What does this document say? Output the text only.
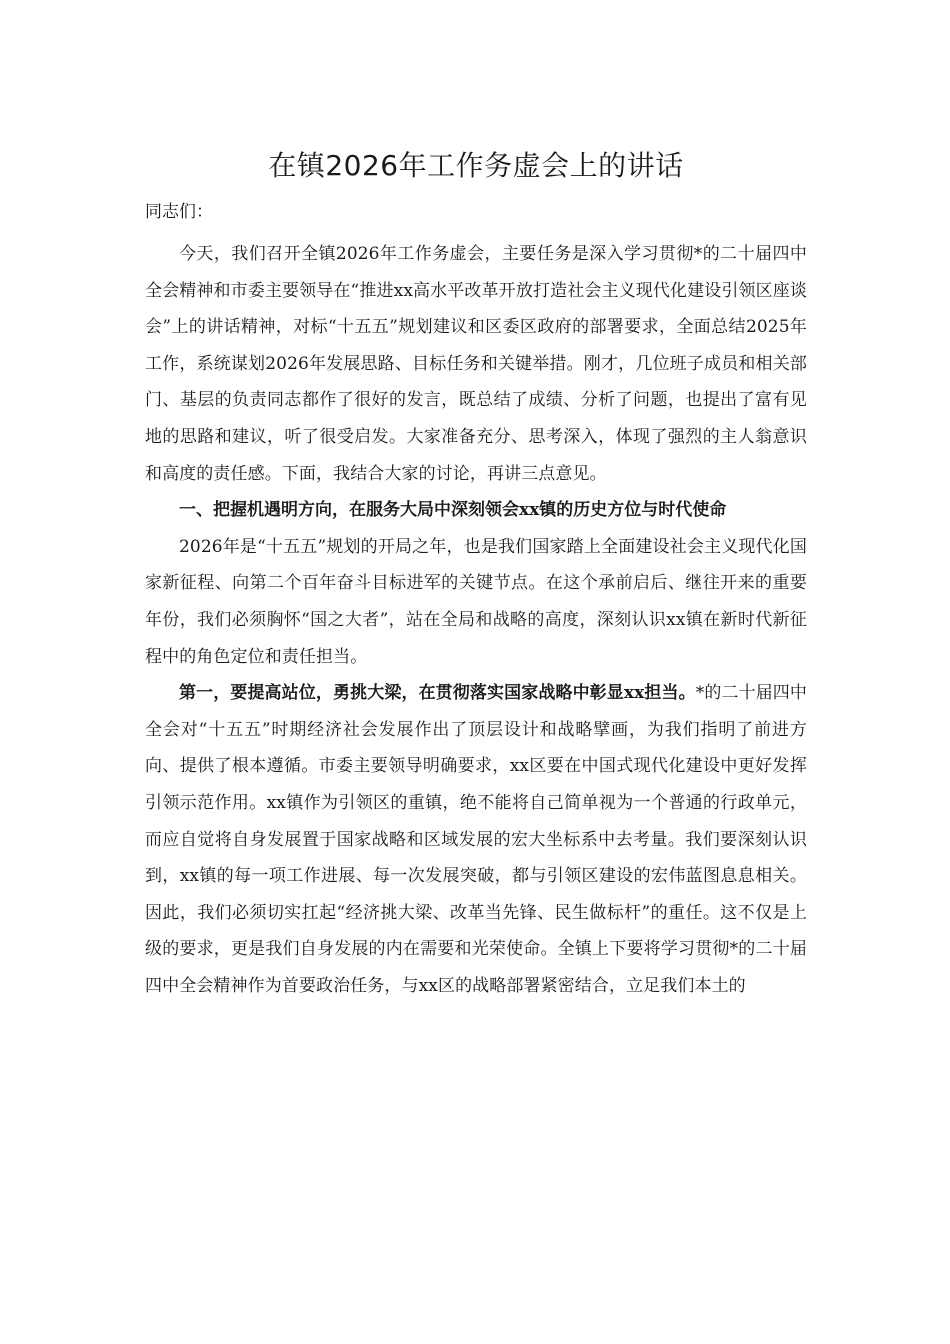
在镇2026年工作务虚会上的讲话

同志们：

今天，我们召开全镇2026年工作务虚会，主要任务是深入学习贯彻*的二十届四中全会精神和市委主要领导在“推进xx高水平改革开放打造社会主义现代化建设引领区座谈会”上的讲话精神，对标“十五五”规划建议和区委区政府的部署要求，全面总结2025年工作，系统谋划2026年发展思路、目标任务和关键举措。刚才，几位班子成员和相关部门、基层的负责同志都作了很好的发言，既总结了成绩、分析了问题，也提出了富有见地的思路和建议，听了很受启发。大家准备充分、思考深入，体现了强烈的主人翁意识和高度的责任感。下面，我结合大家的讨论，再讲三点意见。

一、把握机遇明方向，在服务大局中深刻领会xx镇的历史方位与时代使命

2026年是“十五五”规划的开局之年，也是我们国家踏上全面建设社会主义现代化国家新征程、向第二个百年奋斗目标进军的关键节点。在这个承前启后、继往开来的重要年份，我们必须胸怀“国之大者”，站在全局和战略的高度，深刻认识xx镇在新时代新征程中的角色定位和责任担当。

第一，要提高站位，勇挑大梁，在贯彻落实国家战略中彰显xx担当。*的二十届四中全会对“十五五”时期经济社会发展作出了顶层设计和战略擘画，为我们指明了前进方向、提供了根本遵循。市委主要领导明确要求，xx区要在中国式现代化建设中更好发挥引领示范作用。xx镇作为引领区的重镇，绝不能将自己简单视为一个普通的行政单元，而应自觉将自身发展置于国家战略和区域发展的宏大坐标系中去考量。我们要深刻认识到，xx镇的每一项工作进展、每一次发展突破，都与引领区建设的宏伟蓝图息息相关。因此，我们必须切实扛起“经济挑大梁、改革当先锋、民生做标杆”的重任。这不仅是上级的要求，更是我们自身发展的内在需要和光荣使命。全镇上下要将学习贯彻*的二十届四中全会精神作为首要政治任务，与xx区的战略部署紧密结合，立足我们本土的
